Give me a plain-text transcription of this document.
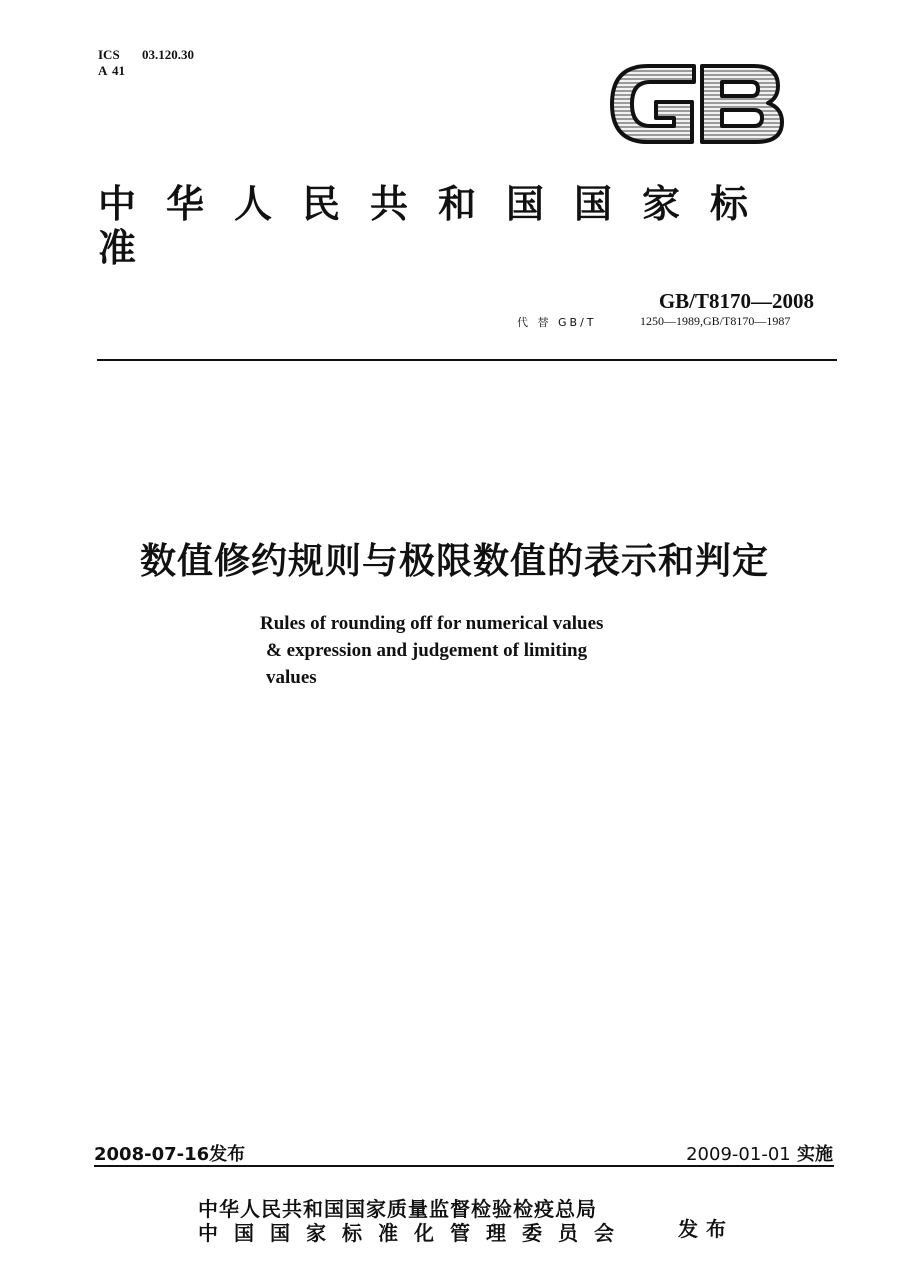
ICS 03.120.30
A 41
中华人民共和国国家标准
GB/T8170—2008
代 替 GB/T	1250—1989,GB/T8170—1987
数值修约规则与极限数值的表示和判定
Rules of rounding off for numerical values
& expression and judgement of limiting
values
2008-07-16发布	2009-01-01 实施
中华人民共和国国家质量监督检验检疫总局
中国国家标准化管理委员会	发布
